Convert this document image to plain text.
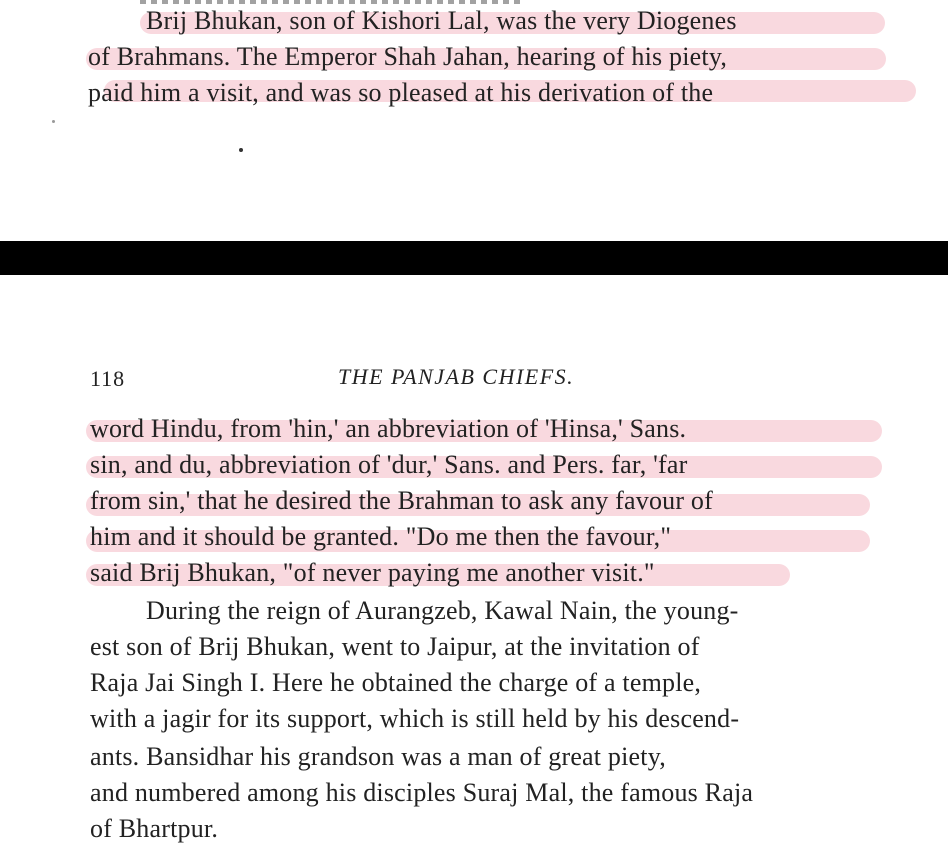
Brij Bhukan, son of Kishori Lal, was the very Diogenes
of Brahmans. The Emperor Shah Jahan, hearing of his piety,
paid him a visit, and was so pleased at his derivation of the
118	THE PANJAB CHIEFS.
word Hindu, from 'hin,' an abbreviation of 'Hinsa,' Sans.
sin, and du, abbreviation of 'dur,' Sans. and Pers. far, 'far
from sin,' that he desired the Brahman to ask any favour of
him and it should be granted. "Do me then the favour,"
said Brij Bhukan, "of never paying me another visit."
During the reign of Aurangzeb, Kawal Nain, the young-
est son of Brij Bhukan, went to Jaipur, at the invitation of
Raja Jai Singh I. Here he obtained the charge of a temple,
with a jagir for its support, which is still held by his descend-
ants. Bansidhar his grandson was a man of great piety,
and numbered among his disciples Suraj Mal, the famous Raja
of Bhartpur.
